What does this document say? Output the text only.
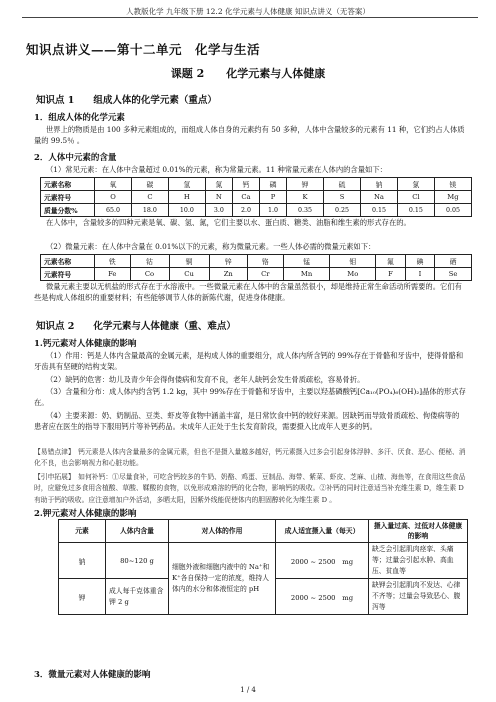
人教版化学 九年级下册 12.2 化学元素与人体健康 知识点讲义（无答案）
知识点讲义——第十二单元　化学与生活
课题 2　　化学元素与人体健康
知识点 1　　组成人体的化学元素（重点）
1．组成人体的化学元素
世界上的物质是由 100 多种元素组成的，而组成人体自身的元素约有 50 多种，人体中含量较多的元素有 11 种，它们约占人体质量的 99.5％ 。
2．人体中元素的含量
（1）常见元素：在人体中含量超过 0.01%的元素，称为常量元素。11 种常量元素在人体内的含量如下：
元素名称	氧	碳	氢	氮	钙	磷	钾	硫	钠	氯	镁
元素符号	O	C	H	N	Ca	P	K	S	Na	Cl	Mg
质量分数%	65.0	18.0	10.0	3.0	2.0	1.0	0.35	0.25	0.15	0.15	0.05
在人体中，含量较多的四种元素是氧、碳、氢、氮，它们主要以水、蛋白质、糖类、油脂和维生素的形式存在的。
（2）微量元素：在人体中含量在 0.01%以下的元素，称为微量元素。一些人体必需的微量元素如下：
元素名称	铁	钴	铜	锌	铬	锰	钼	氟	碘	硒
元素符号	Fe	Co	Cu	Zn	Cr	Mn	Mo	F	I	Se
微量元素主要以无机盐的形式存在于水溶液中。一些微量元素在人体中的含量虽然很小，却是维持正常生命活动所需要的。它们有些是构成人体组织的重要材料；有些能够调节人体的新陈代谢，促进身体健康。
知识点 2　　化学元素与人体健康（重、难点）
1.钙元素对人体健康的影响
（1）作用：钙是人体内含量最高的金属元素，是构成人体的重要组分，成人体内所含钙的 99%存在于骨骼和牙齿中，使得骨骼和牙齿具有坚硬的结构支架。
（2）缺钙的危害：幼儿及青少年会得佝偻病和发育不良，老年人缺钙会发生骨质疏松，容易骨折。
（3）含量和分布：成人体内约含钙 1.2 kg，其中 99%存在于骨骼和牙齿中，主要以羟基磷酸钙[Ca₁₀(PO₄)₆(OH)₂]晶体的形式存在。
（4）主要来源：奶、奶制品、豆类、虾皮等食物中涵盖丰富，是日常饮食中钙的较好来源。因缺钙而导致骨质疏松、佝偻病等的患者应在医生的指导下服用钙片等补钙药品。未成年人正处于生长发育阶段，需要摄入比成年人更多的钙。
【易错点津】　钙元素是人体内含量最多的金属元素，但也不是摄入量越多越好，钙元素摄入过多会引起身体浮肿、多汗、厌食、恶心、便秘、消化不良，也会影响视力和心脏功能。
【引申拓展】　如何补钙：①尽量食补，可吃含钙较多的牛奶、奶酪、鸡蛋、豆制品、海带、紫菜、虾皮、芝麻、山楂、海鱼等，在食用这些食品时，应避免过多食用含植酸、草酸、鞣酸的食物，以免形成难溶的钙的化合物，影响钙的吸收。②补钙的同时注意适当补充维生素 D，维生素 D 有助于钙的吸收。应注意增加户外活动，多晒太阳，因紫外线能促使体内的胆固醇转化为维生素 D 。
2.钾元素对人体健康的影响
元素	人体内含量	对人体的作用	成人适宜摄入量（每天）	摄入量过高、过低对人体健康的影响
钠	80~120 g	细胞外液和细胞内液中的 Na⁺和 K⁺各自保持一定的浓度，维持人体内的水分和体液恒定的 pH	2000 ~ 2500　mg	缺乏会引起肌肉痉挛、头痛等；过量会引起水肿、高血压、贫血等
钾	成人每千克体重含钾 2 g		2000 ~ 2500　mg	缺钾会引起肌肉不发达、心律不齐等；过量会导致恶心、腹泻等
3．微量元素对人体健康的影响
1 / 4
